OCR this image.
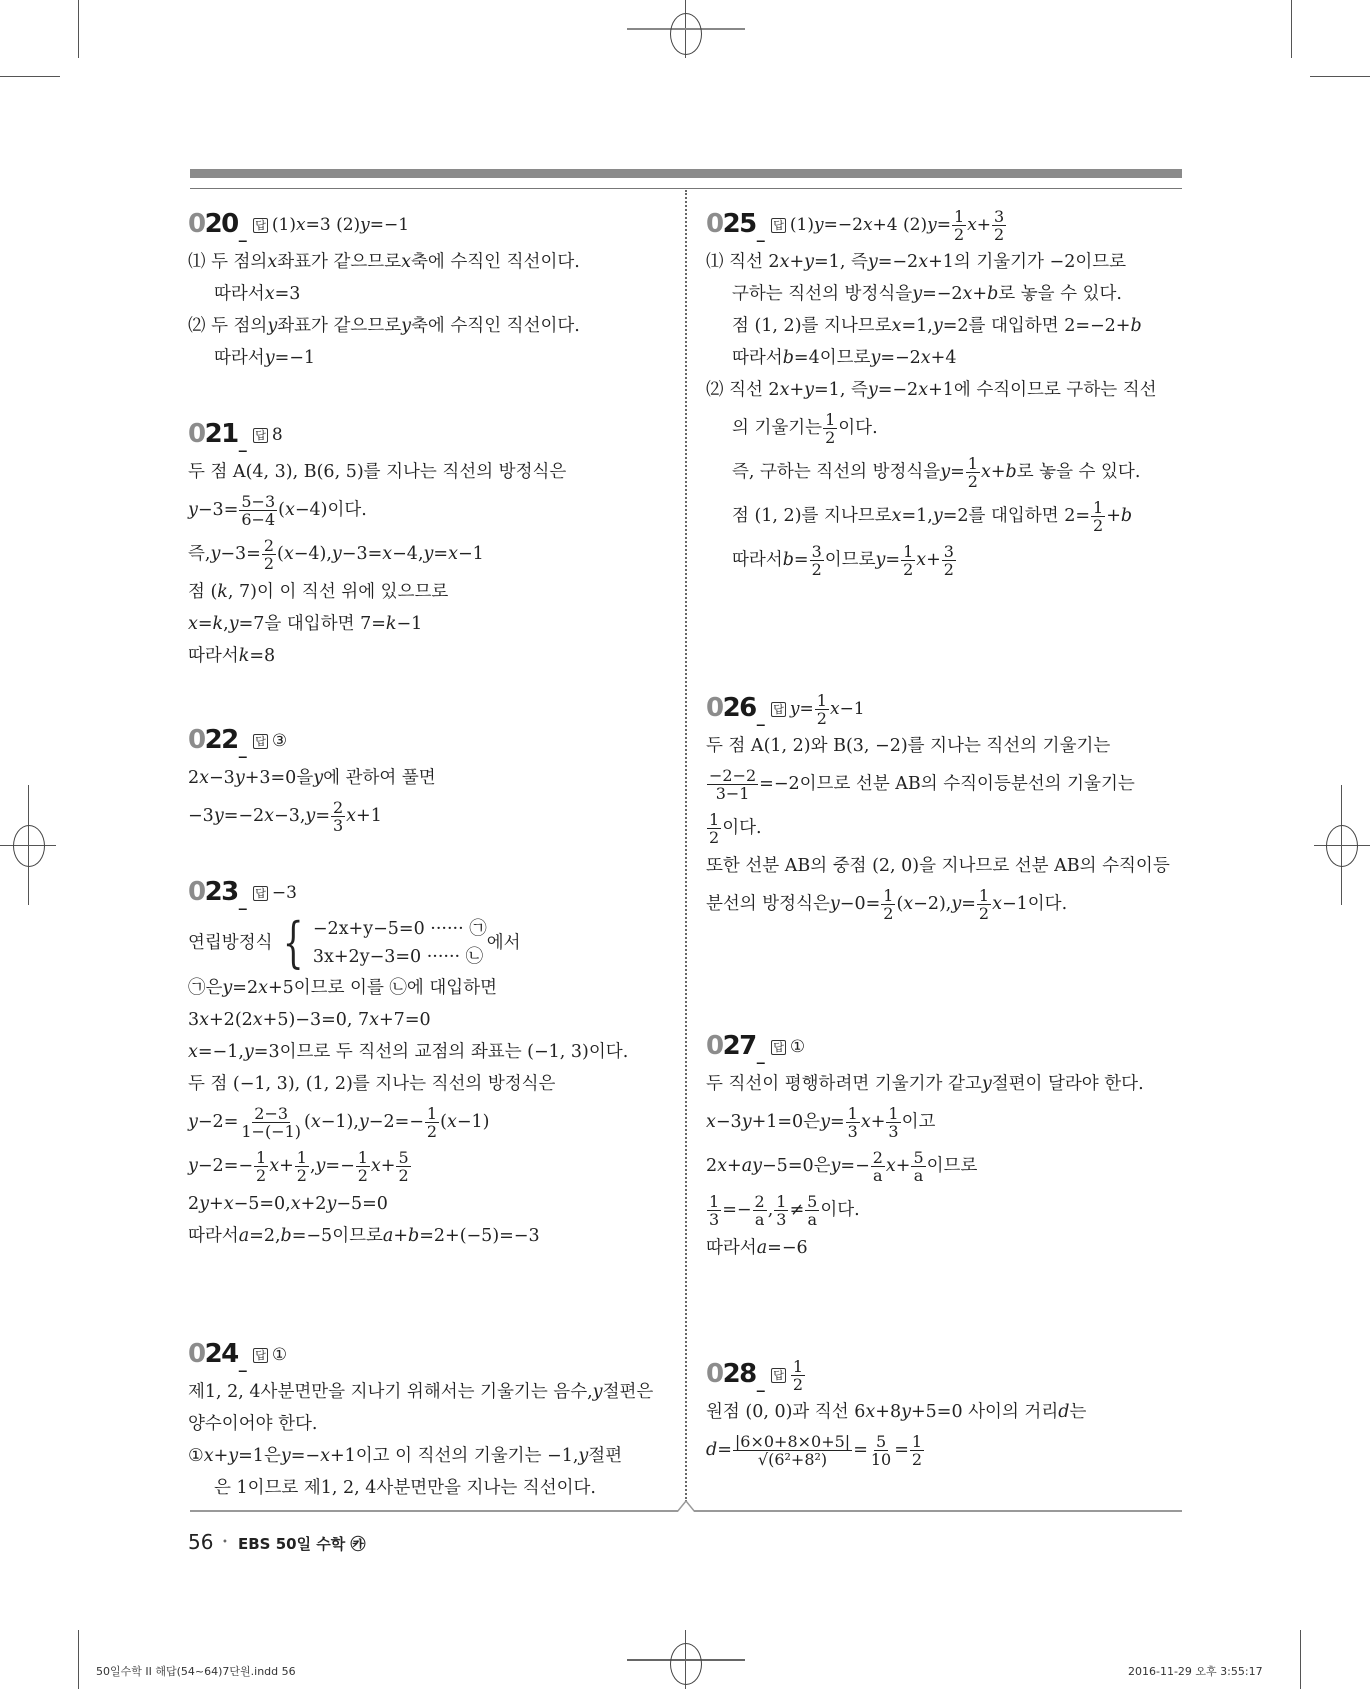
$020_{\_}$ 답 (1) x =3 (2) y =−1
⑴ 두 점의 x 좌표가 같으므로 x 축에 수직인 직선이다.
따라서 x =3
⑵ 두 점의 y 좌표가 같으므로 y 축에 수직인 직선이다.
따라서 y =−1
$021_{\_}$ 답 8
두 점 A(4, 3), B(6, 5)를 지나는 직선의 방정식은
$y -3= \frac{5-3}{6-4}$ ( x −4)이다.
즉, $y -3= \frac{2}{2}$ ( x −4), y −3= x −4, y = x −1
점 ( k , 7)이 이 직선 위에 있으므로
x = k , y =7을 대입하면 7= k −1
따라서 k =8
$022_{\_}$ 답 ③
2 x −3 y +3=0을 y 에 관하여 풀면
−3 y =−2 x −3, $y = \frac{2}{3}$ x +1
$023_{\_}$ 답 −3
연립방정식 { −2x+y−5=0 ······ ㉠
3x+2y−3=0 ······ ㉡
에서
㉠은 y =2 x +5이므로 이를 ㉡에 대입하면
3 x +2(2 x +5)−3=0, 7 x +7=0
x =−1, y =3이므로 두 직선의 교점의 좌표는 (−1, 3)이다.
두 점 (−1, 3), (1, 2)를 지나는 직선의 방정식은
$y -2= \frac{2-3}{1-(-1)}$ ( x −1), $y -2=- \frac{1}{2}$ ( x −1)
$y -2=- \frac{1}{2}$ $x + \frac{1}{2}$ , $y =- \frac{1}{2}$ $x + \frac{5}{2}$
2 y + x −5=0, x +2 y −5=0
따라서 a =2, b =−5이므로 a + b =2+(−5)=−3
$024_{\_}$ 답 ①
제1, 2, 4사분면만을 지나기 위해서는 기울기는 음수, y 절편은
양수이어야 한다.
① x + y =1은 y =− x +1이고 이 직선의 기울기는 −1, y 절편
은 1이므로 제1, 2, 4사분면만을 지나는 직선이다.
$025_{\_}$ 답 (1) y =−2 x +4 (2) $y = \frac{1}{2}$ $x + \frac{3}{2}$
⑴ 직선 2 x + y =1, 즉 y =−2 x +1의 기울기가 −2이므로
구하는 직선의 방정식을 y =−2 x + b 로 놓을 수 있다.
점 (1, 2)를 지나므로 x =1, y =2를 대입하면 2=−2+ b
따라서 b =4이므로 y =−2 x +4
⑵ 직선 2 x + y =1, 즉 y =−2 x +1에 수직이므로 구하는 직선
의 기울기는 $\frac{1}{2}$ 이다.
즉, 구하는 직선의 방정식을 $y = \frac{1}{2}$ x + b 로 놓을 수 있다.
점 (1, 2)를 지나므로 x =1, y =2를 대입하면 $2= \frac{1}{2} + b$
따라서 $b = \frac{3}{2}$ 이므로 $y = \frac{1}{2}$ $x + \frac{3}{2}$
$026_{\_}$ 답 $y = \frac{1}{2}$ x −1
두 점 A(1, 2)와 B(3, −2)를 지나는 직선의 기울기는
$\frac{-2-2}{3-1} =-2$이므로 선분 AB의 수직이등분선의 기울기는
$\frac{1}{2}$ 이다.
또한 선분 AB의 중점 (2, 0)을 지나므로 선분 AB의 수직이등
분선의 방정식은 $y -0= \frac{1}{2}$ ( x −2), $y = \frac{1}{2}$ x −1이다.
$027_{\_}$ 답 ①
두 직선이 평행하려면 기울기가 같고 y 절편이 달라야 한다.
x −3 y +1=0은 $y = \frac{1}{3}$ $x + \frac{1}{3}$ 이고
2 x + a y −5=0은 $y =- \frac{2}{a}$ $x + \frac{5}{a}$ 이므로
$\frac{1}{3} =- \frac{2}{a}$ , $\frac{1}{3} \ne \frac{5}{a}$ 이다.
따라서 a =−6
$028_{\_}$ 답 $\frac{1}{2}$
원점 (0, 0)과 직선 6 x +8 y +5=0 사이의 거리 d 는
$d = \frac{|6\times 0+8\times 0+5|}{\text{√(6²+8²)}} = \frac{5}{10} = \frac{1}{2}$
56 • EBS 50일 수학 ㉸
50일수학 II 해답(54~64)7단원.indd 56	2016-11-29 오후 3:55:17
